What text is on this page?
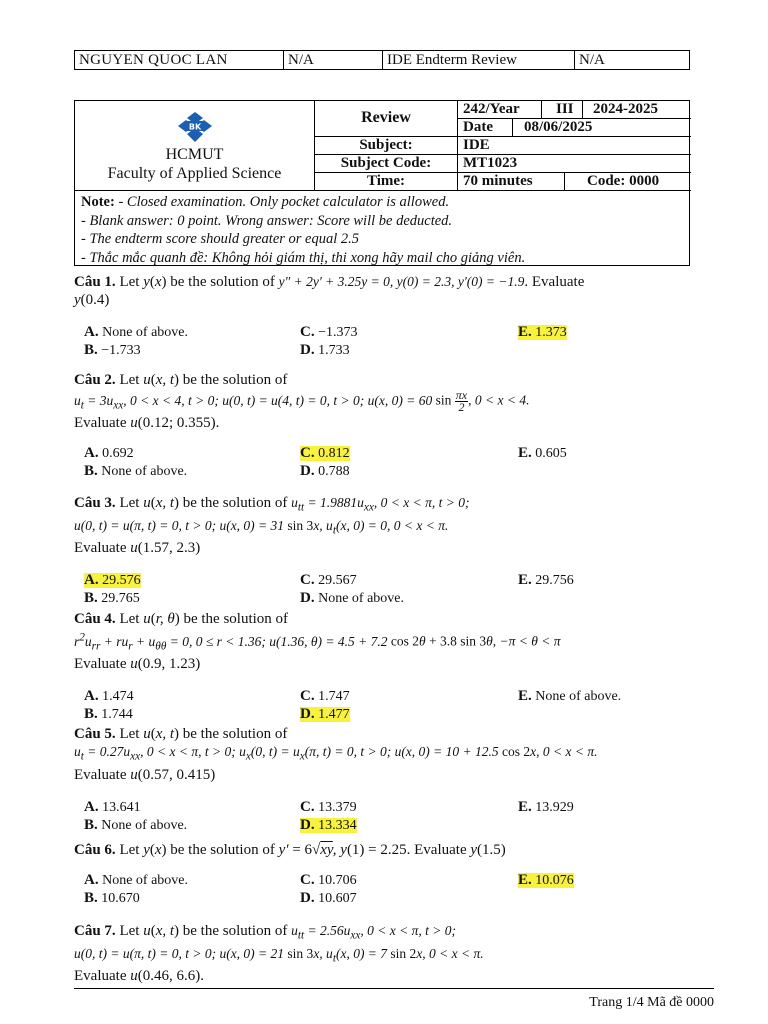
NGUYEN QUOC LAN	N/A	IDE Endterm Review	N/A
BK
HCMUT
Faculty of Applied Science
Review	242/Year III 2024-2025
Date 08/06/2025
Subject:	IDE
Subject Code:	MT1023
Time:	70 minutes	Code: 0000
Note: - Closed examination. Only pocket calculator is allowed.
- Blank answer: 0 point. Wrong answer: Score will be deducted.
- The endterm score should greater or equal 2.5
- Thắc mắc quanh đề: Không hỏi giám thị, thi xong hãy mail cho giảng viên.
Câu 1. Let y(x) be the solution of y″ + 2y′ + 3.25y = 0, y(0) = 2.3, y′(0) = −1.9. Evaluate
y(0.4)
A. None of above.
B. −1.733
C. −1.373
D. 1.733
E. 1.373
Câu 2. Let u(x, t) be the solution of
$u_t = 3u_{xx}$, 0 < x < 4, t > 0; u(0, t) = u(4, t) = 0, t > 0; u(x, 0) = 60 $\sin \frac{\pi x}{2}$ , 0 < x < 4.
Evaluate u(0.12; 0.355).
A. 0.692
B. None of above.
C. 0.812
D. 0.788
E. 0.605
Câu 3. Let u(x, t) be the solution of $u_{tt} = 1.9881u_{xx}$, 0 < x < π, t > 0;
u(0, t) = u(π, t) = 0, t > 0; u(x, 0) = 31 sin 3x, $u_t(x$, 0) = 0, 0 < x < π.
Evaluate u(1.57, 2.3)
A. 29.576
B. 29.765
C. 29.567
D. None of above.
E. 29.756
Câu 4. Let u(r, θ) be the solution of
$r^2u_{rr} + ru_r + u_{\theta\theta} = 0$, 0 ≤ r < 1.36; u(1.36, θ) = 4.5 + 7.2 cos 2θ + 3.8 sin 3θ, −π < θ < π
Evaluate u(0.9, 1.23)
A. 1.474
B. 1.744
C. 1.747
D. 1.477
E. None of above.
Câu 5. Let u(x, t) be the solution of
$u_t = 0.27u_{xx}$, 0 < x < π, t > 0; $u_x(0$, $t) = u_x(\pi$, t) = 0, t > 0; u(x, 0) = 10 + 12.5 cos 2x, 0 < x < π.
Evaluate u(0.57, 0.415)
A. 13.641
B. None of above.
C. 13.379
D. 13.334
E. 13.929
Câu 6. Let y(x) be the solution of y′ = 6√xy, y(1) = 2.25. Evaluate y(1.5)
A. None of above.
B. 10.670
C. 10.706
D. 10.607
E. 10.076
Câu 7. Let u(x, t) be the solution of $u_{tt} = 2.56u_{xx}$, 0 < x < π, t > 0;
u(0, t) = u(π, t) = 0, t > 0; u(x, 0) = 21 sin 3x, $u_t(x$, 0) = 7 sin 2x, 0 < x < π.
Evaluate u(0.46, 6.6).
Trang 1/4 Mã đề 0000
